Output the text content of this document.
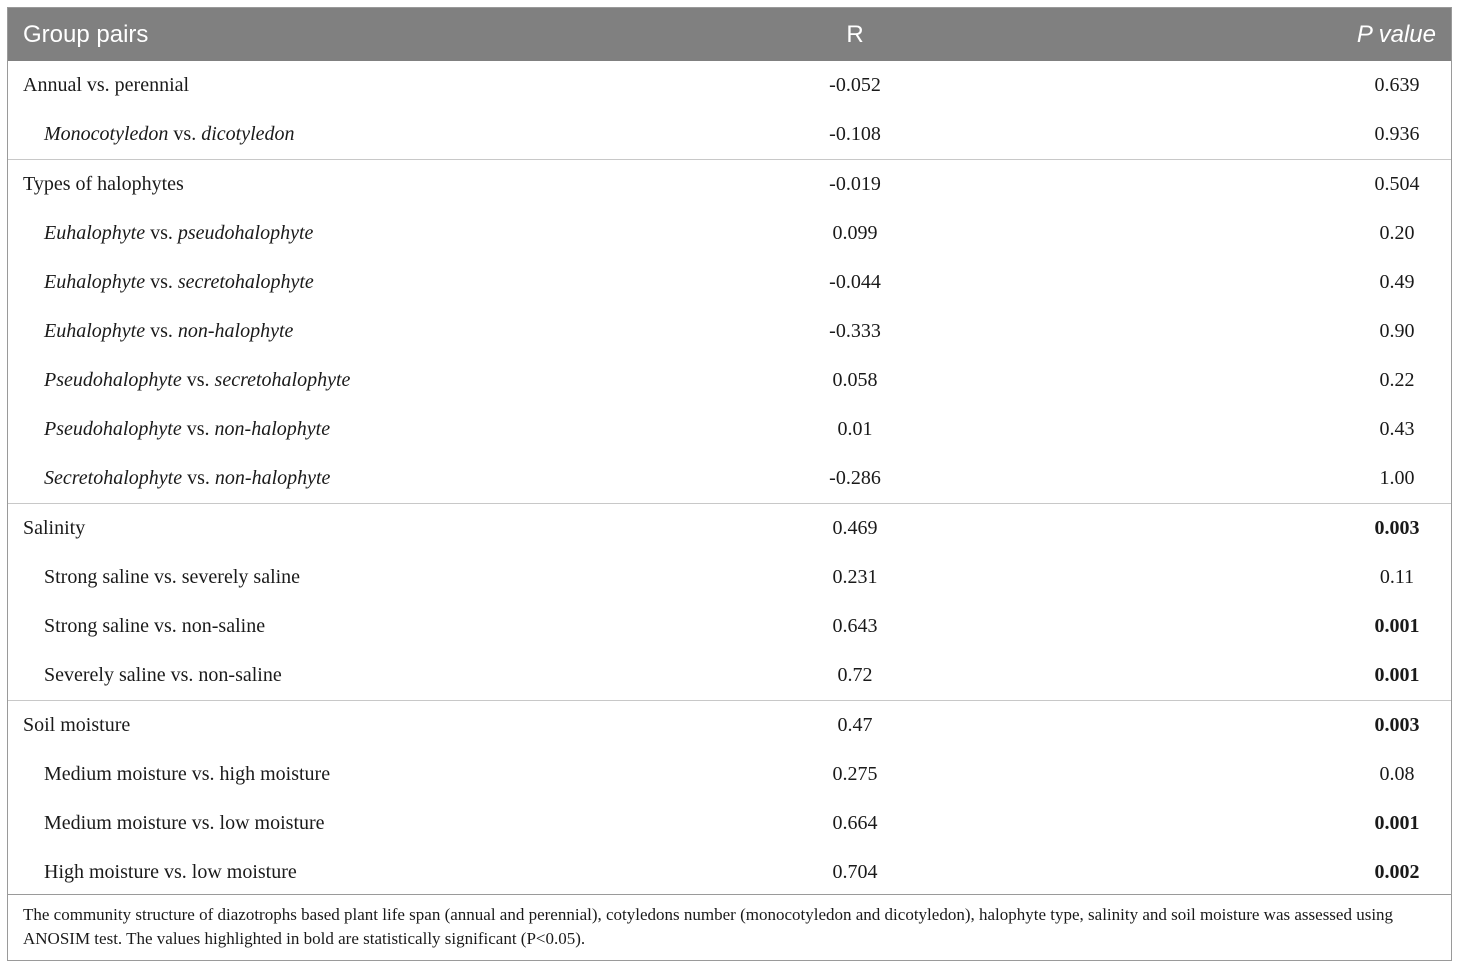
Group pairs	R	P value
Annual vs. perennial	-0.052	0.639
Monocotyledon vs. dicotyledon	-0.108	0.936
Types of halophytes	-0.019	0.504
Euhalophyte vs. pseudohalophyte	0.099	0.20
Euhalophyte vs. secretohalophyte	-0.044	0.49
Euhalophyte vs. non-halophyte	-0.333	0.90
Pseudohalophyte vs. secretohalophyte	0.058	0.22
Pseudohalophyte vs. non-halophyte	0.01	0.43
Secretohalophyte vs. non-halophyte	-0.286	1.00
Salinity	0.469	0.003
Strong saline vs. severely saline	0.231	0.11
Strong saline vs. non-saline	0.643	0.001
Severely saline vs. non-saline	0.72	0.001
Soil moisture	0.47	0.003
Medium moisture vs. high moisture	0.275	0.08
Medium moisture vs. low moisture	0.664	0.001
High moisture vs. low moisture	0.704	0.002
The community structure of diazotrophs based plant life span (annual and perennial), cotyledons number (monocotyledon and dicotyledon), halophyte type, salinity and soil moisture was assessed using ANOSIM test. The values highlighted in bold are statistically significant (P<0.05).
